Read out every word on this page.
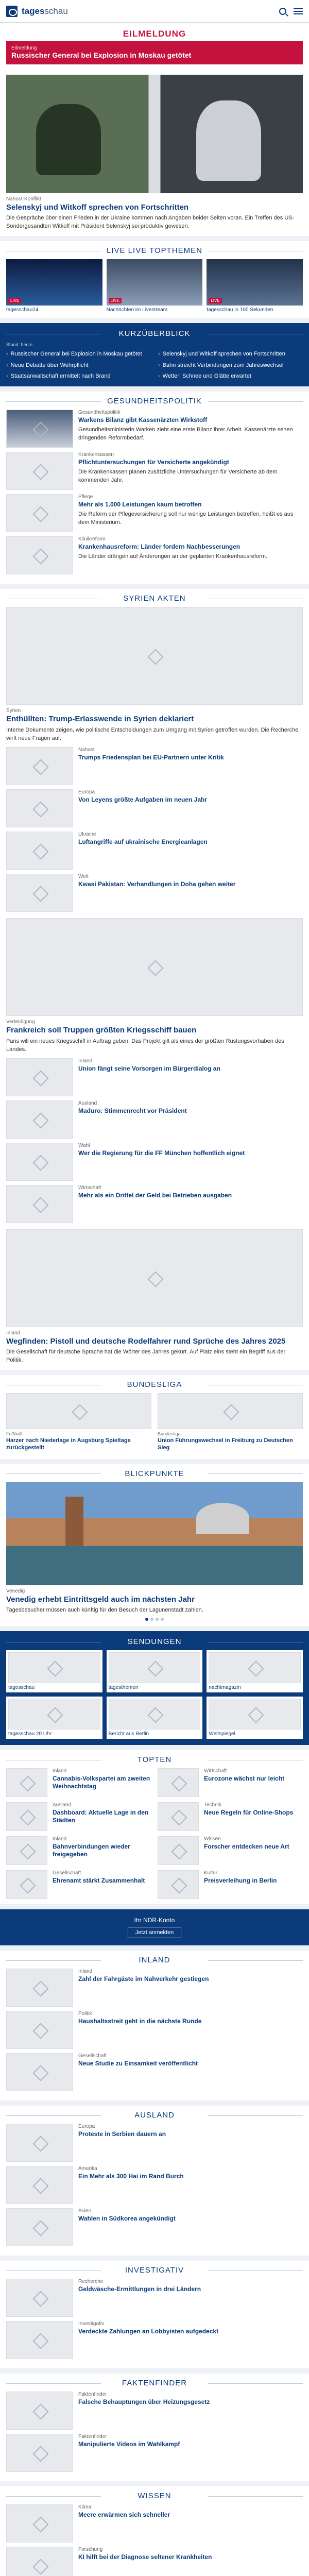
tagesschau
EILMELDUNG
Eilmeldung
Russischer General bei Explosion in Moskau getötet
Nahost-Konflikt
Selenskyj und Witkoff sprechen von Fortschritten
Die Gespräche über einen Frieden in der Ukraine kommen nach Angaben beider Seiten voran. Ein Treffen des US-Sondergesandten Witkoff mit Präsident Selenskyj sei produktiv gewesen.
LIVE LIVE TOPTHEMEN
LIVE
tagesschau24
LIVE
Nachrichten im Livestream
LIVE
tagesschau in 100 Sekunden
KURZÜBERBLICK
Stand: heute
› Russischer General bei Explosion in Moskau getötet	› Selenskyj und Witkoff sprechen von Fortschritten
› Neue Debatte über Wehrpflicht	› Bahn streicht Verbindungen zum Jahreswechsel
› Staatsanwaltschaft ermittelt nach Brand	› Wetter: Schnee und Glätte erwartet
GESUNDHEITSPOLITIK
Gesundheitspolitik
Warkens Bilanz gibt Kassenärzten Wirkstoff
Gesundheitsministerin Warken zieht eine erste Bilanz ihrer Arbeit. Kassenärzte sehen dringenden Reformbedarf.
Krankenkassen
Pflichtuntersuchungen für Versicherte angekündigt
Die Krankenkassen planen zusätzliche Untersuchungen für Versicherte ab dem kommenden Jahr.
Pflege
Mehr als 1.000 Leistungen kaum betroffen
Die Reform der Pflegeversicherung soll nur wenige Leistungen betreffen, heißt es aus dem Ministerium.
Klinikreform
Krankenhausreform: Länder fordern Nachbesserungen
Die Länder drängen auf Änderungen an der geplanten Krankenhausreform.
SYRIEN AKTEN
Syrien
Enthüllten: Trump-Erlasswende in Syrien deklariert
Interne Dokumente zeigen, wie politische Entscheidungen zum Umgang mit Syrien getroffen wurden. Die Recherche wirft neue Fragen auf.
Nahost
Trumps Friedensplan bei EU-Partnern unter Kritik
Europa
Von Leyens größte Aufgaben im neuen Jahr
Ukraine
Luftangriffe auf ukrainische Energieanlagen
Welt
Kwasi Pakistan: Verhandlungen in Doha gehen weiter
Verteidigung
Frankreich soll Truppen größten Kriegsschiff bauen
Paris will ein neues Kriegsschiff in Auftrag geben. Das Projekt gilt als eines der größten Rüstungsvorhaben des Landes.
Inland
Union fängt seine Vorsorgen im Bürgerdialog an
Ausland
Maduro: Stimmenrecht vor Präsident
Wahl
Wer die Regierung für die FF München hoffentlich eignet
Wirtschaft
Mehr als ein Drittel der Geld bei Betrieben ausgaben
Inland
Wegfinden: Pistoll und deutsche Rodelfahrer rund Sprüche des Jahres 2025
Die Gesellschaft für deutsche Sprache hat die Wörter des Jahres gekürt. Auf Platz eins steht ein Begriff aus der Politik.
BUNDESLIGA
Fußball
Harzer nach Niederlage in Augsburg Spieltage zurückgestellt
Bundesliga
Union Führungswechsel in Freiburg zu Deutschen Sieg
BLICKPUNKTE
Venedig
Venedig erhebt Eintrittsgeld auch im nächsten Jahr
Tagesbesucher müssen auch künftig für den Besuch der Lagunenstadt zahlen.
SENDUNGEN
tagesschau	tagesthemen	nachtmagazin
tagesschau 20 Uhr	Bericht aus Berlin	Weltspiegel
TOPTEN
Inland
Cannabis-Volkspartei am zweiten Weihnachtstag
Wirtschaft
Eurozone wächst nur leicht
Ausland
Dashboard: Aktuelle Lage in den Städten
Technik
Neue Regeln für Online-Shops
Inland
Bahnverbindungen wieder freigegeben
Wissen
Forscher entdecken neue Art
Gesellschaft
Ehrenamt stärkt Zusammenhalt
Kultur
Preisverleihung in Berlin
Ihr NDR-Konto
Jetzt anmelden
INLAND
Inland
Zahl der Fahrgäste im Nahverkehr gestiegen
Politik
Haushaltsstreit geht in die nächste Runde
Gesellschaft
Neue Studie zu Einsamkeit veröffentlicht
AUSLAND
Europa
Proteste in Serbien dauern an
Amerika
Ein Mehr als 300 Hai im Rand Burch
Asien
Wahlen in Südkorea angekündigt
INVESTIGATIV
Recherche
Geldwäsche-Ermittlungen in drei Ländern
Investigativ
Verdeckte Zahlungen an Lobbyisten aufgedeckt
FAKTENFINDER
Faktenfinder
Falsche Behauptungen über Heizungsgesetz
Faktenfinder
Manipulierte Videos im Wahlkampf
WISSEN
Klima
Meere erwärmen sich schneller
Forschung
KI hilft bei der Diagnose seltener Krankheiten
